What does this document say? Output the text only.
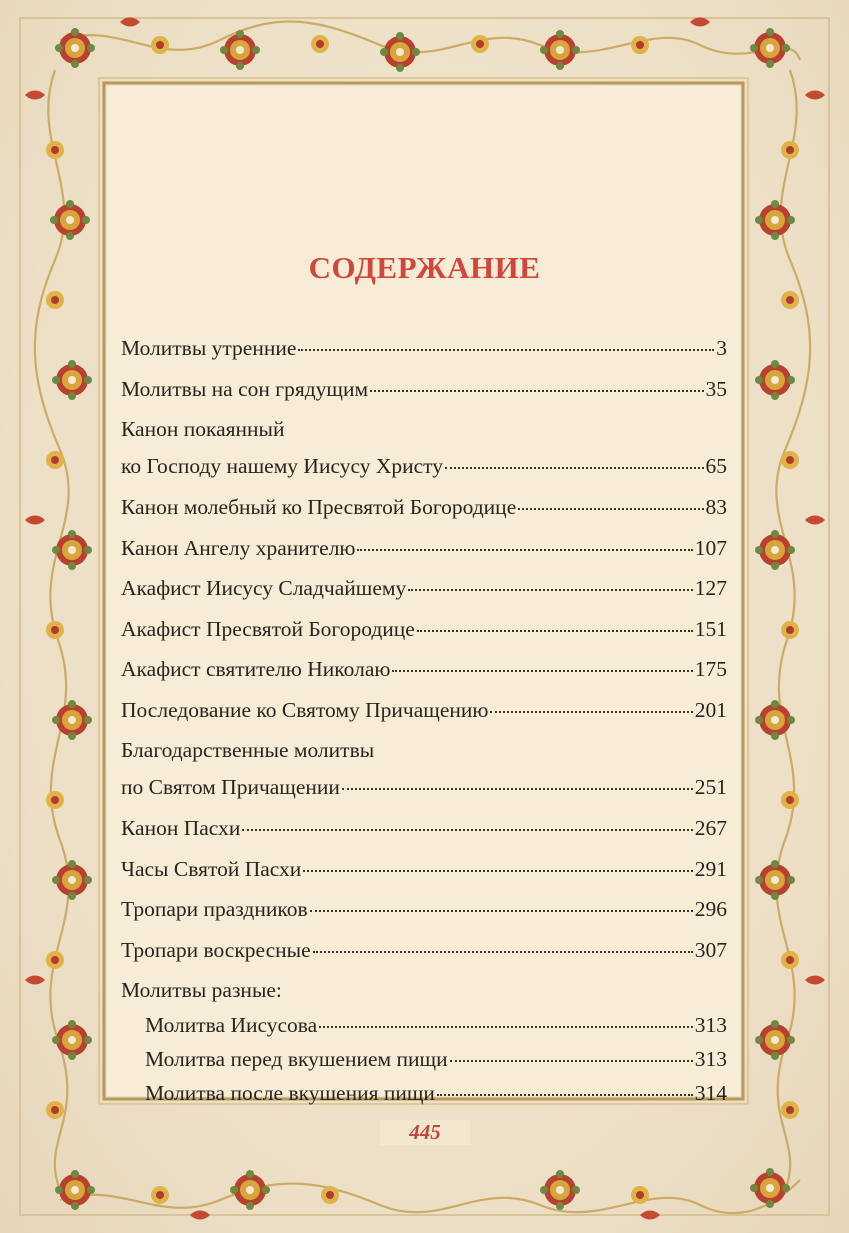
СОДЕРЖАНИЕ
Молитвы утренние	3
Молитвы на сон грядущим	35
Канон покаянный
ко Господу нашему Иисусу Христу	65
Канон молебный ко Пресвятой Богородице	83
Канон Ангелу хранителю	107
Акафист Иисусу Сладчайшему	127
Акафист Пресвятой Богородице	151
Акафист святителю Николаю	175
Последование ко Святому Причащению	201
Благодарственные молитвы
по Святом Причащении	251
Канон Пасхи	267
Часы Святой Пасхи	291
Тропари праздников	296
Тропари воскресные	307
Молитвы разные:
Молитва Иисусова	313
Молитва перед вкушением пищи	313
Молитва после вкушения пищи	314
445
